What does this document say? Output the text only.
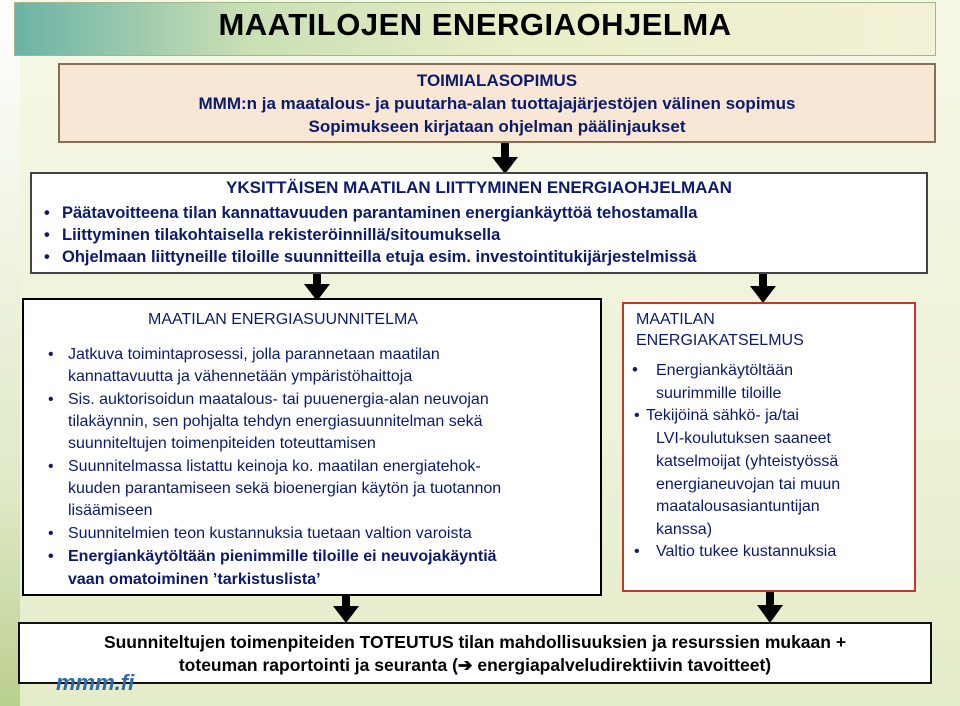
MAATILOJEN ENERGIAOHJELMA
TOIMIALASOPIMUS
MMM:n ja maatalous- ja puutarha-alan tuottajajärjestöjen välinen sopimus
Sopimukseen kirjataan ohjelman päälinjaukset
YKSITTÄISEN MAATILAN LIITTYMINEN ENERGIAOHJELMAAN
• Päätavoitteena tilan kannattavuuden parantaminen energiankäyttöä tehostamalla
• Liittyminen tilakohtaisella rekisteröinnillä/sitoumuksella
• Ohjelmaan liittyneille tiloille suunnitteilla etuja esim. investointitukijärjestelmissä
MAATILAN ENERGIASUUNNITELMA
• Jatkuva toimintaprosessi, jolla parannetaan maatilan
kannattavuutta ja vähennetään ympäristöhaittoja
• Sis. auktorisoidun maatalous- tai puuenergia-alan neuvojan
tilakäynnin, sen pohjalta tehdyn energiasuunnitelman sekä
suunniteltujen toimenpiteiden toteuttamisen
• Suunnitelmassa listattu keinoja ko. maatilan energiatehok-
kuuden parantamiseen sekä bioenergian käytön ja tuotannon
lisäämiseen
• Suunnitelmien teon kustannuksia tuetaan valtion varoista
• Energiankäytöltään pienimmille tiloille ei neuvojakäyntiä
vaan omatoiminen ’tarkistuslista’
MAATILAN
ENERGIAKATSELMUS
• Energiankäytöltään
suurimmille tiloille
• Tekijöinä sähkö- ja/tai
LVI-koulutuksen saaneet
katselmoijat (yhteistyössä
energianeuvojan tai muun
maatalousasiantuntijan
kanssa)
• Valtio tukee kustannuksia
Suunniteltujen toimenpiteiden TOTEUTUS tilan mahdollisuuksien ja resurssien mukaan +
toteuman raportointi ja seuranta (➔ energiapalveludirektiivin tavoitteet)
mmm.fi
